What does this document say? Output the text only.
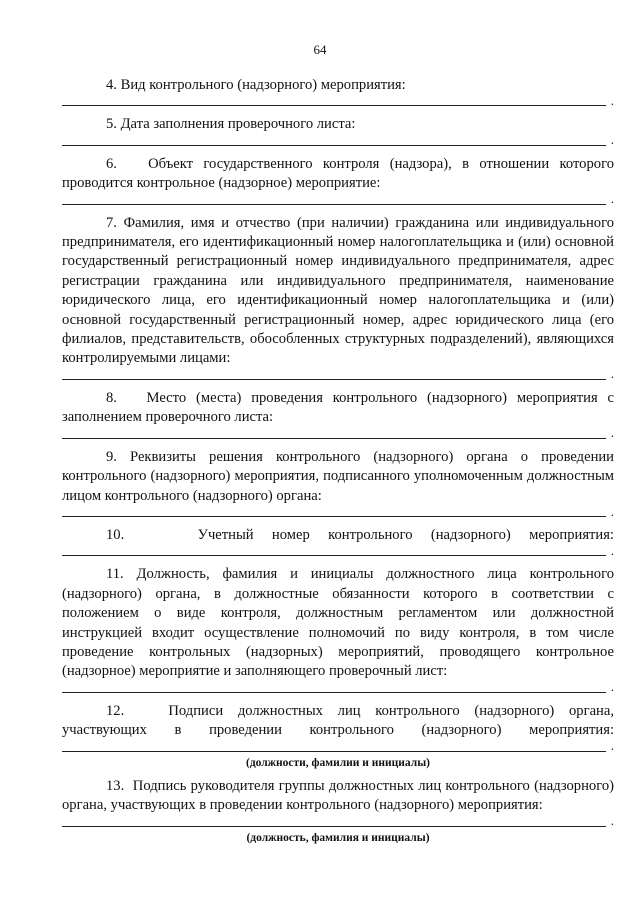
64

4. Вид контрольного (надзорного) мероприятия:

.

5. Дата заполнения проверочного листа:

.

6.   Объект государственного контроля (надзора), в отношении которого проводится контрольное (надзорное) мероприятие:

.

7. Фамилия, имя и отчество (при наличии) гражданина или индивидуального предпринимателя, его идентификационный номер налогоплательщика и (или) основной государственный регистрационный номер индивидуального предпринимателя, адрес регистрации гражданина или индивидуального предпринимателя, наименование юридического лица, его идентификационный номер налогоплательщика и (или) основной государственный регистрационный номер, адрес юридического лица (его филиалов, представительств, обособленных структурных подразделений), являющихся контролируемыми лицами:

.

8.   Место (места) проведения контрольного (надзорного) мероприятия с заполнением проверочного листа:

.

9. Реквизиты решения контрольного (надзорного) органа о проведении контрольного (надзорного) мероприятия, подписанного уполномоченным должностным лицом контрольного (надзорного) органа:

.

10.    Учетный номер контрольного (надзорного) мероприятия:

.

11. Должность, фамилия и инициалы должностного лица контрольного (надзорного) органа, в должностные обязанности которого в соответствии с положением о виде контроля, должностным регламентом или должностной инструкцией входит осуществление полномочий по виду контроля, в том числе проведение контрольных (надзорных) мероприятий, проводящего контрольное (надзорное) мероприятие и заполняющего проверочный лист:

.

12.   Подписи должностных лиц контрольного (надзорного) органа, участвующих в проведении контрольного (надзорного) мероприятия:

.
(должности, фамилии и инициалы)

13.  Подпись руководителя группы должностных лиц контрольного (надзорного) органа, участвующих в проведении контрольного (надзорного) мероприятия:

.
(должность, фамилия и инициалы)
